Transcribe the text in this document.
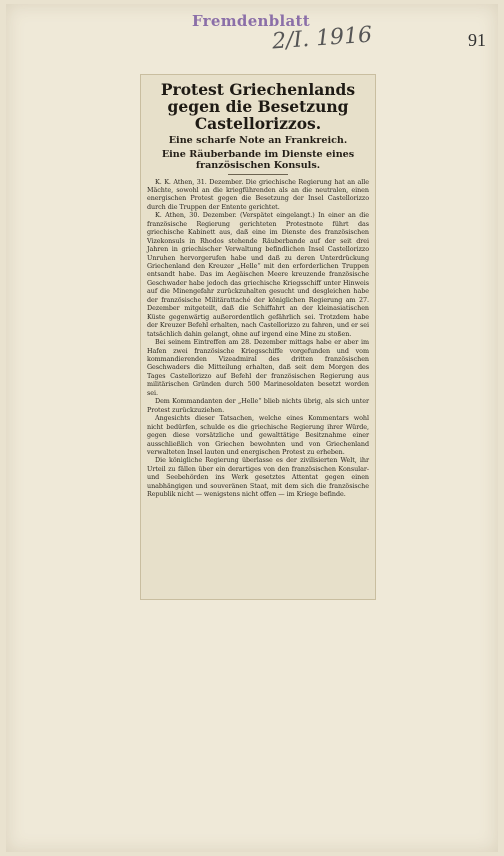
Fremdenblatt
2/I. 1916	91
Protest Griechenlands gegen die Besetzung Castellorizzos.
Eine scharfe Note an Frankreich.
Eine Räuberbande im Dienste eines französischen Konsuls.

K. K. Athen, 31. Dezember. Die griechische Regierung hat an alle Mächte, sowohl an die kriegführenden als an die neutralen, einen energischen Protest gegen die Besetzung der Insel Castellorizzo durch die Truppen der Entente gerichtet.

K. Athen, 30. Dezember. (Verspätet eingelangt.) In einer an die französische Regierung gerichteten Protestnote führt das griechische Kabinett aus, daß eine im Dienste des französischen Vizekonsuls in Rhodos stehende Räuberbande auf der seit drei Jahren in griechischer Verwaltung befindlichen Insel Castellorizzo Unruhen hervorgerufen habe und daß zu deren Unterdrückung Griechenland den Kreuzer „Helle“ mit den erforderlichen Truppen entsandt habe. Das im Aegäischen Meere kreuzende französische Geschwader habe jedoch das griechische Kriegsschiff unter Hinweis auf die Minengefahr zurückzuhalten gesucht und desgleichen habe der französische Militärattaché der königlichen Regierung am 27. Dezember mitgeteilt, daß die Schiffahrt an der kleinasiatischen Küste gegenwärtig außerordentlich gefährlich sei. Trotzdem habe der Kreuzer Befehl erhalten, nach Castellorizzo zu fahren, und er sei tatsächlich dahin gelangt, ohne auf irgend eine Mine zu stoßen.

Bei seinem Eintreffen am 28. Dezember mittags habe er aber im Hafen zwei französische Kriegsschiffe vorgefunden und vom kommandierenden Vizeadmiral des dritten französischen Geschwaders die Mitteilung erhalten, daß seit dem Morgen des Tages Castellorizzo auf Befehl der französischen Regierung aus militärischen Gründen durch 500 Marinesoldaten besetzt worden sei.

Dem Kommandanten der „Helle“ blieb nichts übrig, als sich unter Protest zurückzuziehen.

Angesichts dieser Tatsachen, welche eines Kommentars wohl nicht bedürfen, schulde es die griechische Regierung ihrer Würde, gegen diese vorsätzliche und gewalttätige Besitznahme einer ausschließlich von Griechen bewohnten und von Griechenland verwalteten Insel lauten und energischen Protest zu erheben.

Die königliche Regierung überlasse es der zivilisierten Welt, ihr Urteil zu fällen über ein derartiges von den französischen Konsular- und Seebehörden ins Werk gesetztes Attentat gegen einen unabhängigen und souveränen Staat, mit dem sich die französische Republik nicht — wenigstens nicht offen — im Kriege befinde.
